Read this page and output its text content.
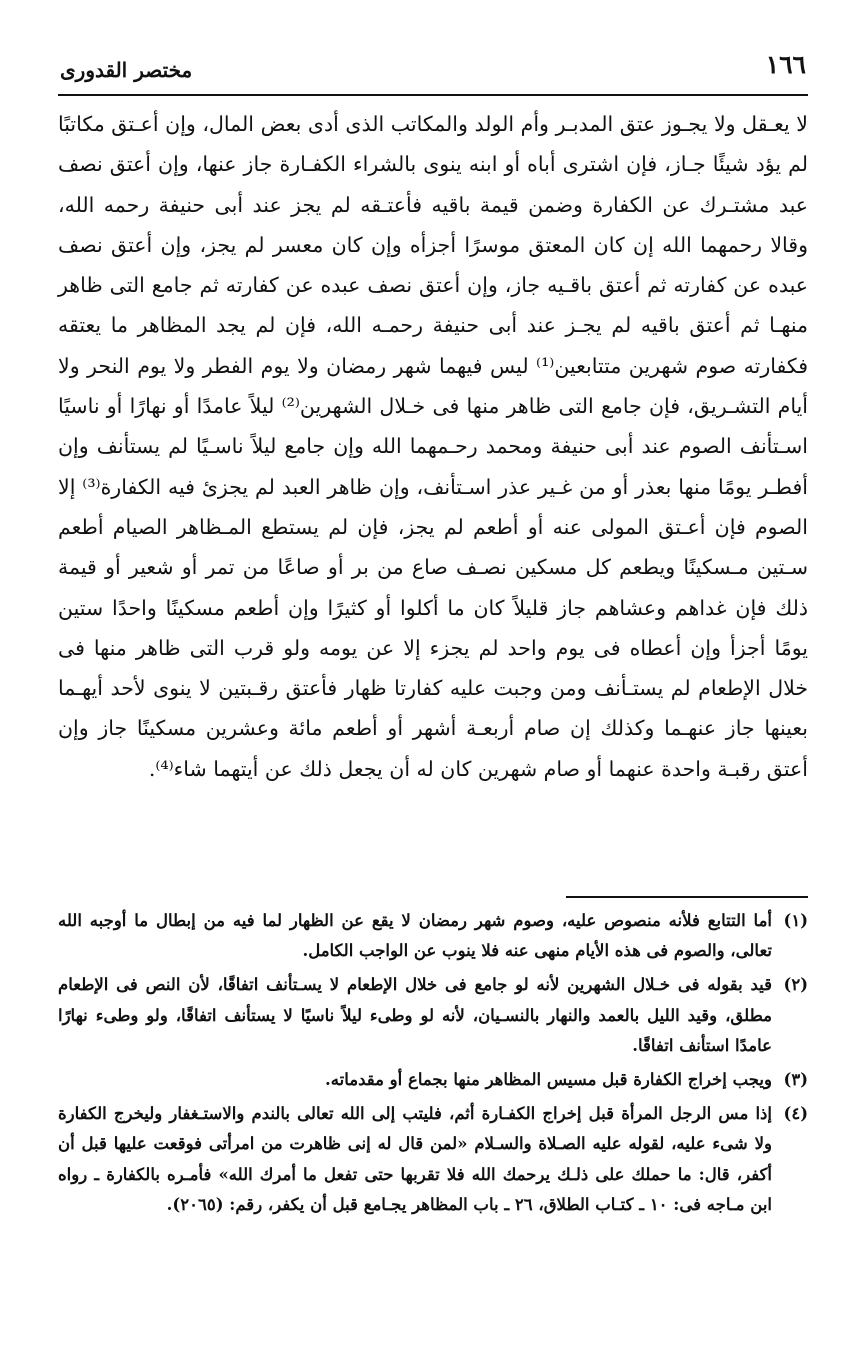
١٦٦
مختصر القدورى

لا يعـقل ولا يجـوز عتق المدبـر وأم الولد والمكاتب الذى أدى بعض المال، وإن أعـتق مكاتبًا لم يؤد شيئًا جـاز، فإن اشترى أباه أو ابنه ينوى بالشراء الكفـارة جاز عنها، وإن أعتق نصف عبد مشتـرك عن الكفارة وضمن قيمة باقيه فأعتـقه لم يجز عند أبى حنيفة رحمه الله، وقالا رحمهما الله إن كان المعتق موسرًا أجزأه وإن كان معسر لم يجز، وإن أعتق نصف عبده عن كفارته ثم أعتق باقـيه جاز، وإن أعتق نصف عبده عن كفارته ثم جامع التى ظاهر منهـا ثم أعتق باقيه لم يجـز عند أبى حنيفة رحمـه الله، فإن لم يجد المظاهر ما يعتقه فكفارته صوم شهرين متتابعين⁽¹⁾ ليس فيهما شهر رمضان ولا يوم الفطر ولا يوم النحر ولا أيام التشـريق، فإن جامع التى ظاهر منها فى خـلال الشهرين⁽²⁾ ليلاً عامدًا أو نهارًا أو ناسيًا اسـتأنف الصوم عند أبى حنيفة ومحمد رحـمهما الله وإن جامع ليلاً ناسـيًا لم يستأنف وإن أفطـر يومًا منها بعذر أو من غـير عذر اسـتأنف، وإن ظاهر العبد لم يجزئ فيه الكفارة⁽³⁾ إلا الصوم فإن أعـتق المولى عنه أو أطعم لم يجز، فإن لم يستطع المـظاهر الصيام أطعم سـتين مـسكينًا ويطعم كل مسكين نصـف صاع من بر أو صاعًا من تمر أو شعير أو قيمة ذلك فإن غداهم وعشاهم جاز قليلاً كان ما أكلوا أو كثيرًا وإن أطعم مسكينًا واحدًا ستين يومًا أجزأ وإن أعطاه فى يوم واحد لم يجزء إلا عن يومه ولو قرب التى ظاهر منها فى خلال الإطعام لم يستـأنف ومن وجبت عليه كفارتا ظهار فأعتق رقـبتين لا ينوى لأحد أيهـما بعينها جاز عنهـما وكذلك إن صام أربعـة أشهر أو أطعم مائة وعشرين مسكينًا جاز وإن أعتق رقبـة واحدة عنهما أو صام شهرين كان له أن يجعل ذلك عن أيتهما شاء⁽⁴⁾.

(١)
أما التتابع فلأنه منصوص عليه، وصوم شهر رمضان لا يقع عن الظهار لما فيه من إبطال ما أوجبه الله تعالى، والصوم فى هذه الأيام منهى عنه فلا ينوب عن الواجب الكامل.
(٢)
قيد بقوله فى خـلال الشهرين لأنه لو جامع فى خلال الإطعام لا يسـتأنف اتفاقًا، لأن النص فى الإطعام مطلق، وقيد الليل بالعمد والنهار بالنسـيان، لأنه لو وطىء ليلاً ناسيًا لا يستأنف اتفاقًا، ولو وطىء نهارًا عامدًا استأنف اتفاقًا.
(٣)
ويجب إخراج الكفارة قبل مسيس المظاهر منها بجماع أو مقدماته.
(٤)
إذا مس الرجل المرأة قبل إخراج الكفـارة أثم، فليتب إلى الله تعالى بالندم والاستـغفار وليخرج الكفارة ولا شىء عليه، لقوله عليه الصـلاة والسـلام «لمن قال له إنى ظاهرت من امرأتى فوقعت عليها قبل أن أكفر، قال: ما حملك على ذلـك يرحمك الله فلا تقربها حتى تفعل ما أمرك الله» فأمـره بالكفارة ـ رواه ابن مـاجه فى: ١٠ ـ كتـاب الطلاق، ٢٦ ـ باب المظاهر يجـامع قبل أن يكفر، رقم: (٢٠٦٥).
